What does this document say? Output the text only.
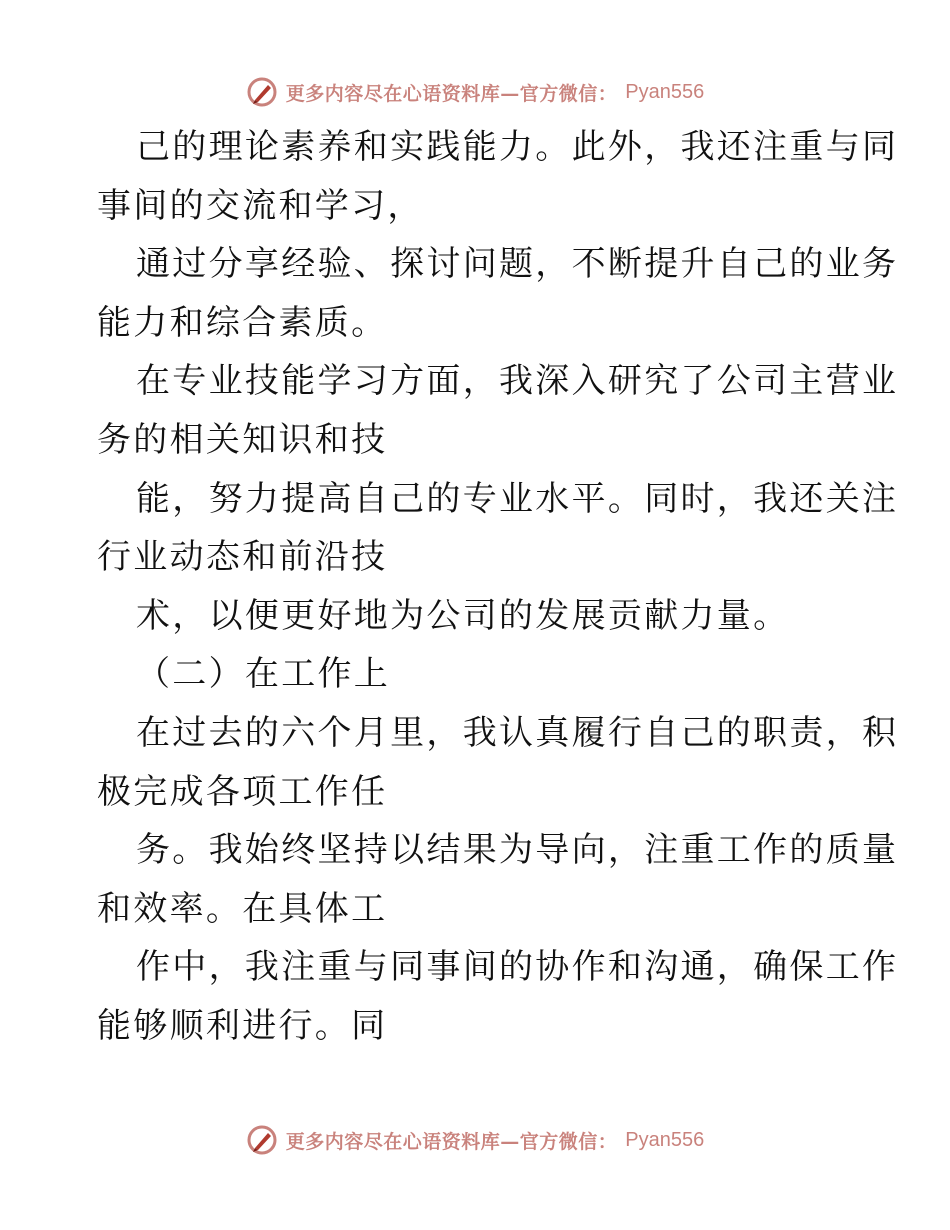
更多内容尽在心语资料库—官方微信： Pyan556
己的理论素养和实践能力。此外，我还注重与同
事间的交流和学习，
通过分享经验、探讨问题，不断提升自己的业务
能力和综合素质。
在专业技能学习方面，我深入研究了公司主营业
务的相关知识和技
能，努力提高自己的专业水平。同时，我还关注
行业动态和前沿技
术，以便更好地为公司的发展贡献力量。
（二）在工作上
在过去的六个月里，我认真履行自己的职责，积
极完成各项工作任
务。我始终坚持以结果为导向，注重工作的质量
和效率。在具体工
作中，我注重与同事间的协作和沟通，确保工作
能够顺利进行。同
更多内容尽在心语资料库—官方微信： Pyan556
